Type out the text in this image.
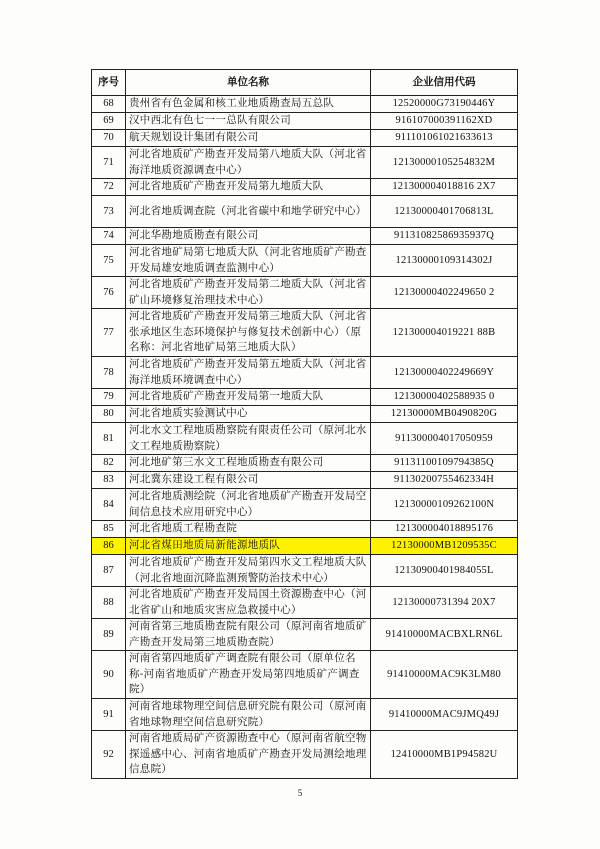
序号	单位名称	企业信用代码
68	贵州省有色金属和核工业地质勘查局五总队	12520000G73190446Y
69	汉中西北有色七一一总队有限公司	916107000391162XD
70	航天规划设计集团有限公司	911101061021633613
71	河北省地质矿产勘查开发局第八地质大队（河北省海洋地质资源调查中心）	12130000105254832M
72	河北省地质矿产勘查开发局第九地质大队	121300004018816 2X7
73	河北省地质调查院（河北省碳中和地学研究中心）	12130000401706813L
74	河北华勘地质勘查有限公司	91131082586935937Q
75	河北省地矿局第七地质大队（河北省地质矿产勘查开发局雄安地质调查监测中心）	12130000109314302J
76	河北省地质矿产勘查开发局第二地质大队（河北省矿山环境修复治理技术中心）	12130000402249650 2
77	河北省地质矿产勘查开发局第三地质大队（河北省张承地区生态环境保护与修复技术创新中心）（原名称：河北省地矿局第三地质大队）	121300004019221 88B
78	河北省地质矿产勘查开发局第五地质大队（河北省海洋地质环境调查中心）	12130000402249669Y
79	河北省地质矿产勘查开发局第一地质大队	12130000402588935 0
80	河北省地质实验测试中心	12130000MB0490820G
81	河北水文工程地质勘察院有限责任公司（原河北水文工程地质勘察院）	911300004017050959
82	河北地矿第三水文工程地质勘查有限公司	91131100109794385Q
83	河北冀东建设工程有限公司	91130200755462334H
84	河北省地质测绘院（河北省地质矿产勘查开发局空间信息技术应用研究中心）	12130000109262100N
85	河北省地质工程勘查院	121300004018895176
86	河北省煤田地质局新能源地质队	12130000MB1209535C
87	河北省地质矿产勘查开发局第四水文工程地质大队（河北省地面沉降监测预警防治技术中心）	12130900401984055L
88	河北省地质矿产勘查开发局国土资源勘查中心（河北省矿山和地质灾害应急救援中心）	12130000731394 20X7
89	河南省第三地质勘查院有限公司（原河南省地质矿产勘查开发局第三地质勘查院）	91410000MACBXLRN6L
90	河南省第四地质矿产调查院有限公司（原单位名称-河南省地质矿产勘查开发局第四地质矿产调查院）	91410000MAC9K3LM80
91	河南省地球物理空间信息研究院有限公司（原河南省地球物理空间信息研究院）	91410000MAC9JMQ49J
92	河南省地质局矿产资源勘查中心（原河南省航空物探遥感中心、河南省地质矿产勘查开发局测绘地理信息院）	12410000MB1P94582U
5
